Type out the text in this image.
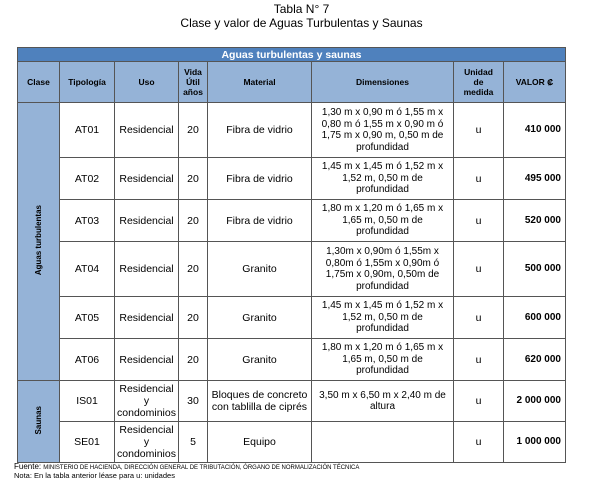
Tabla N° 7
Clase y valor de Aguas Turbulentas y Saunas
Aguas turbulentas y saunas							
Clase	Tipología	Uso	Vida
Útil
años	Material	Dimensiones	Unidad
de
medida	VALOR ₡
Aguas turbulentas	AT01	Residencial	20	Fibra de vidrio	1,30 m x 0,90 m ó 1,55 m x
0,80 m ó 1,55 m x 0,90 m ó
1,75 m x 0,90 m, 0,50 m de
profundidad	u	410 000
	AT02	Residencial	20	Fibra de vidrio	1,45 m x 1,45 m ó 1,52 m x
1,52 m, 0,50 m de
profundidad	u	495 000
	AT03	Residencial	20	Fibra de vidrio	1,80 m x 1,20 m ó 1,65 m x
1,65 m, 0,50 m de
profundidad	u	520 000
	AT04	Residencial	20	Granito	1,30m x 0,90m ó 1,55m x
0,80m ó 1,55m x 0,90m ó
1,75m x 0,90m, 0,50m de
profundidad	u	500 000
	AT05	Residencial	20	Granito	1,45 m x 1,45 m ó 1,52 m x
1,52 m, 0,50 m de
profundidad	u	600 000
	AT06	Residencial	20	Granito	1,80 m x 1,20 m ó 1,65 m x
1,65 m, 0,50 m de
profundidad	u	620 000
Saunas	IS01	Residencial
y
condominios	30	Bloques de concreto
con tablilla de ciprés	3,50 m x 6,50 m x 2,40 m de
altura	u	2 000 000
	SE01	Residencial
y
condominios	5	Equipo		u	1 000 000
Fuente: MINISTERIO DE HACIENDA, DIRECCIÓN GENERAL DE TRIBUTACIÓN, ÓRGANO DE NORMALIZACIÓN TÉCNICA
Nota: En la tabla anterior léase para u: unidades
